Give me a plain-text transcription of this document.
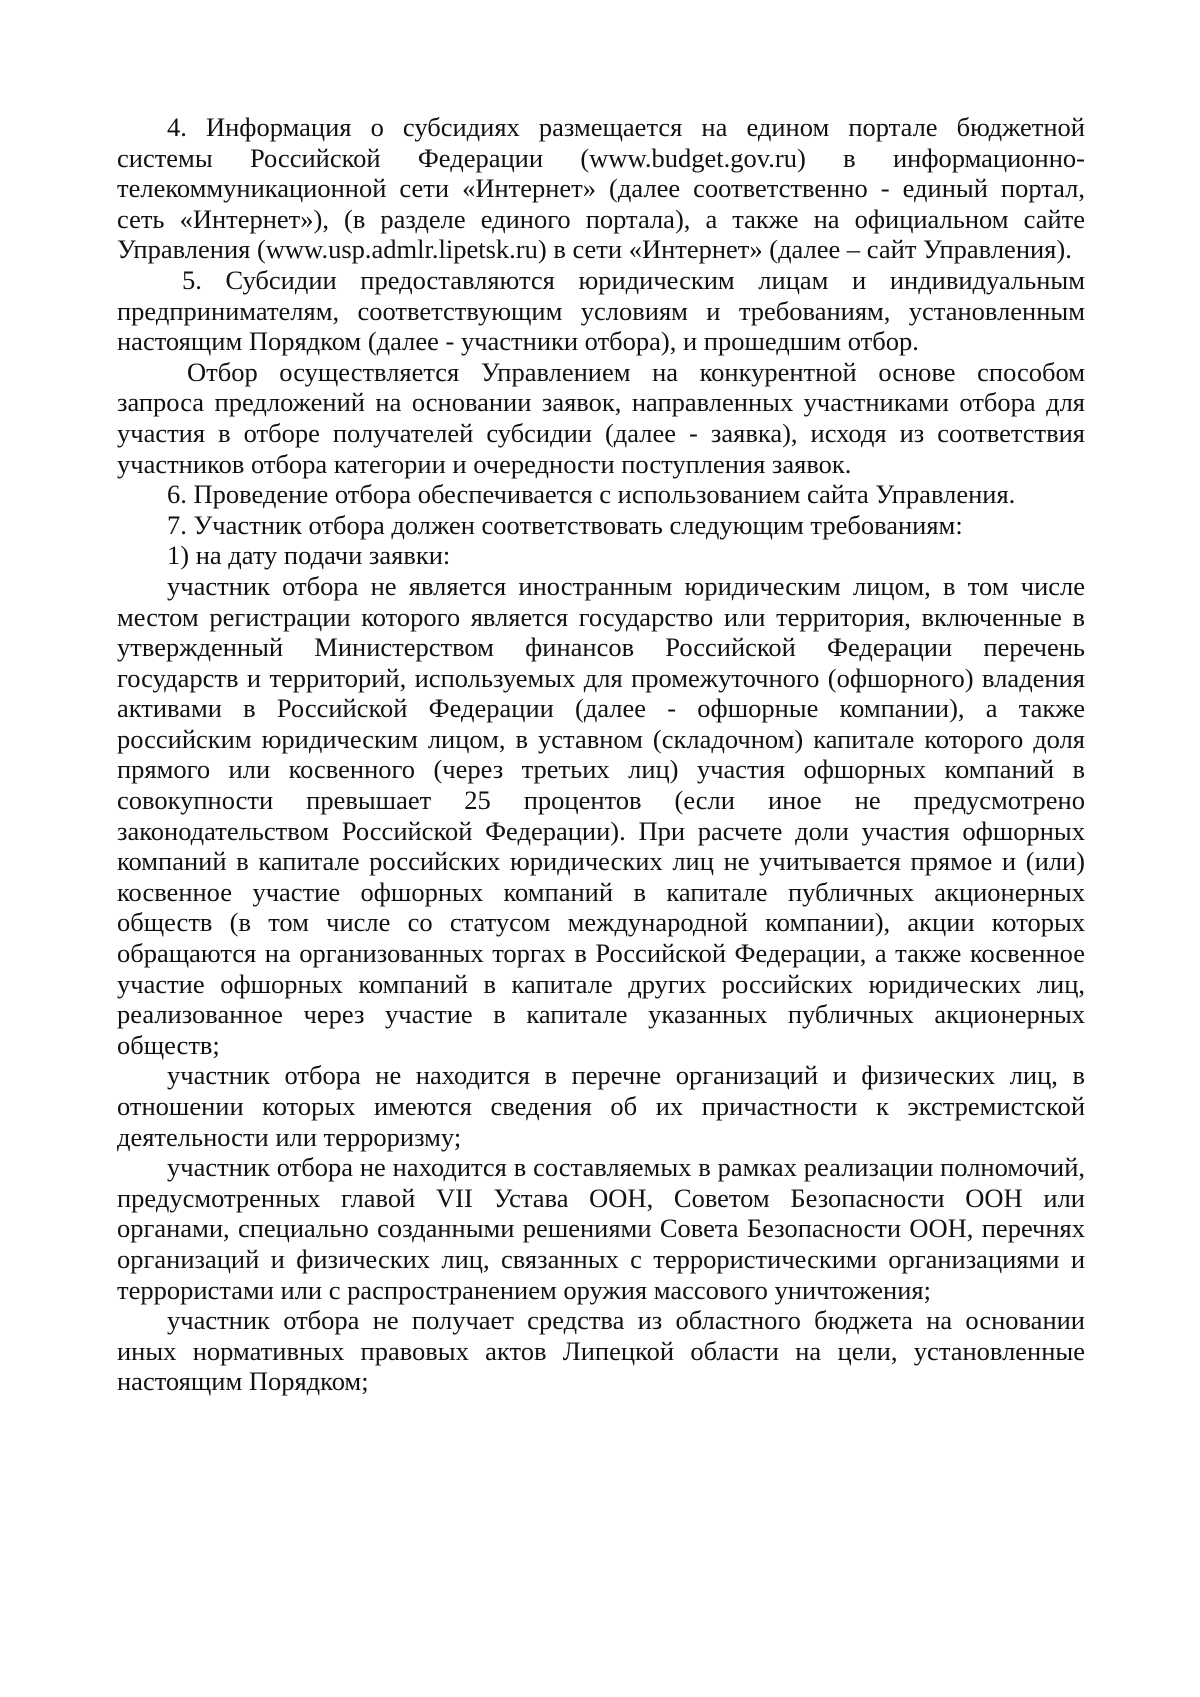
4. Информация о субсидиях размещается на едином портале бюджетной системы Российской Федерации (www.budget.gov.ru) в информационно-телекоммуникационной сети «Интернет» (далее соответственно - единый портал, сеть «Интернет»), (в разделе единого портала), а также на официальном сайте Управления (www.usp.admlr.lipetsk.ru) в сети «Интернет» (далее – сайт Управления).

5. Субсидии предоставляются юридическим лицам и индивидуальным предпринимателям, соответствующим условиям и требованиям, установленным настоящим Порядком (далее - участники отбора), и прошедшим отбор.

Отбор осуществляется Управлением на конкурентной основе способом запроса предложений на основании заявок, направленных участниками отбора для участия в отборе получателей субсидии (далее - заявка), исходя из соответствия участников отбора категории и очередности поступления заявок.

6. Проведение отбора обеспечивается с использованием сайта Управления.

7. Участник отбора должен соответствовать следующим требованиям:

1) на дату подачи заявки:

участник отбора не является иностранным юридическим лицом, в том числе местом регистрации которого является государство или территория, включенные в утвержденный Министерством финансов Российской Федерации перечень государств и территорий, используемых для промежуточного (офшорного) владения активами в Российской Федерации (далее - офшорные компании), а также российским юридическим лицом, в уставном (складочном) капитале которого доля прямого или косвенного (через третьих лиц) участия офшорных компаний в совокупности превышает 25 процентов (если иное не предусмотрено законодательством Российской Федерации). При расчете доли участия офшорных компаний в капитале российских юридических лиц не учитывается прямое и (или) косвенное участие офшорных компаний в капитале публичных акционерных обществ (в том числе со статусом международной компании), акции которых обращаются на организованных торгах в Российской Федерации, а также косвенное участие офшорных компаний в капитале других российских юридических лиц, реализованное через участие в капитале указанных публичных акционерных обществ;

участник отбора не находится в перечне организаций и физических лиц, в отношении которых имеются сведения об их причастности к экстремистской деятельности или терроризму;

участник отбора не находится в составляемых в рамках реализации полномочий, предусмотренных главой VII Устава ООН, Советом Безопасности ООН или органами, специально созданными решениями Совета Безопасности ООН, перечнях организаций и физических лиц, связанных с террористическими организациями и террористами или с распространением оружия массового уничтожения;

участник отбора не получает средства из областного бюджета на основании иных нормативных правовых актов Липецкой области на цели, установленные настоящим Порядком;
